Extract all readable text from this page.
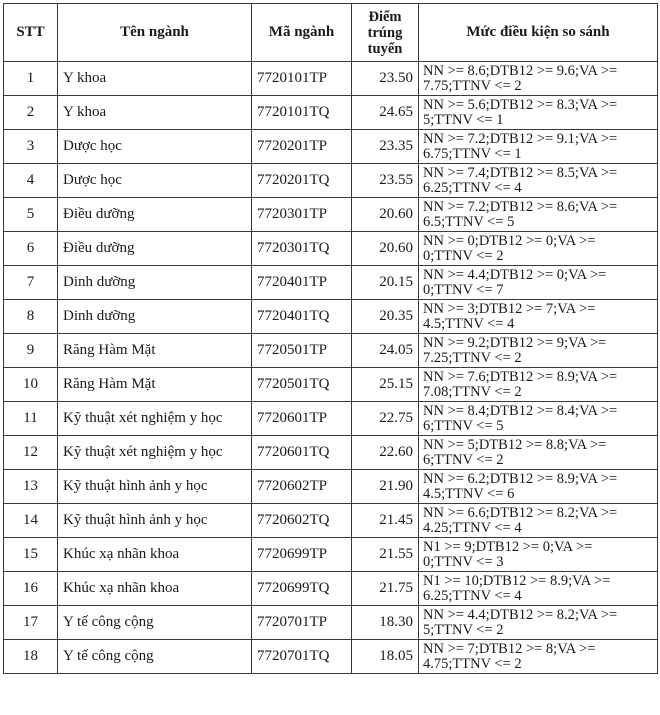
STT	Tên ngành	Mã ngành	Điểm
trúng
tuyển	Mức điều kiện so sánh
1	Y khoa	7720101TP	23.50	NN >= 8.6;DTB12 >= 9.6;VA >=
7.75;TTNV <= 2

2	Y khoa	7720101TQ	24.65	NN >= 5.6;DTB12 >= 8.3;VA >=
5;TTNV <= 1

3	Dược học	7720201TP	23.35	NN >= 7.2;DTB12 >= 9.1;VA >=
6.75;TTNV <= 1

4	Dược học	7720201TQ	23.55	NN >= 7.4;DTB12 >= 8.5;VA >=
6.25;TTNV <= 4

5	Điều dưỡng	7720301TP	20.60	NN >= 7.2;DTB12 >= 8.6;VA >=
6.5;TTNV <= 5

6	Điều dưỡng	7720301TQ	20.60	NN >= 0;DTB12 >= 0;VA >=
0;TTNV <= 2

7	Dinh dưỡng	7720401TP	20.15	NN >= 4.4;DTB12 >= 0;VA >=
0;TTNV <= 7

8	Dinh dưỡng	7720401TQ	20.35	NN >= 3;DTB12 >= 7;VA >=
4.5;TTNV <= 4

9	Răng Hàm Mặt	7720501TP	24.05	NN >= 9.2;DTB12 >= 9;VA >=
7.25;TTNV <= 2

10	Răng Hàm Mặt	7720501TQ	25.15	NN >= 7.6;DTB12 >= 8.9;VA >=
7.08;TTNV <= 2

11	Kỹ thuật xét nghiệm y học	7720601TP	22.75	NN >= 8.4;DTB12 >= 8.4;VA >=
6;TTNV <= 5

12	Kỹ thuật xét nghiệm y học	7720601TQ	22.60	NN >= 5;DTB12 >= 8.8;VA >=
6;TTNV <= 2

13	Kỹ thuật hình ảnh y học	7720602TP	21.90	NN >= 6.2;DTB12 >= 8.9;VA >=
4.5;TTNV <= 6

14	Kỹ thuật hình ảnh y học	7720602TQ	21.45	NN >= 6.6;DTB12 >= 8.2;VA >=
4.25;TTNV <= 4

15	Khúc xạ nhãn khoa	7720699TP	21.55	N1 >= 9;DTB12 >= 0;VA >=
0;TTNV <= 3

16	Khúc xạ nhãn khoa	7720699TQ	21.75	N1 >= 10;DTB12 >= 8.9;VA >=
6.25;TTNV <= 4

17	Y tế công cộng	7720701TP	18.30	NN >= 4.4;DTB12 >= 8.2;VA >=
5;TTNV <= 2

18	Y tế công cộng	7720701TQ	18.05	NN >= 7;DTB12 >= 8;VA >=
4.75;TTNV <= 2
